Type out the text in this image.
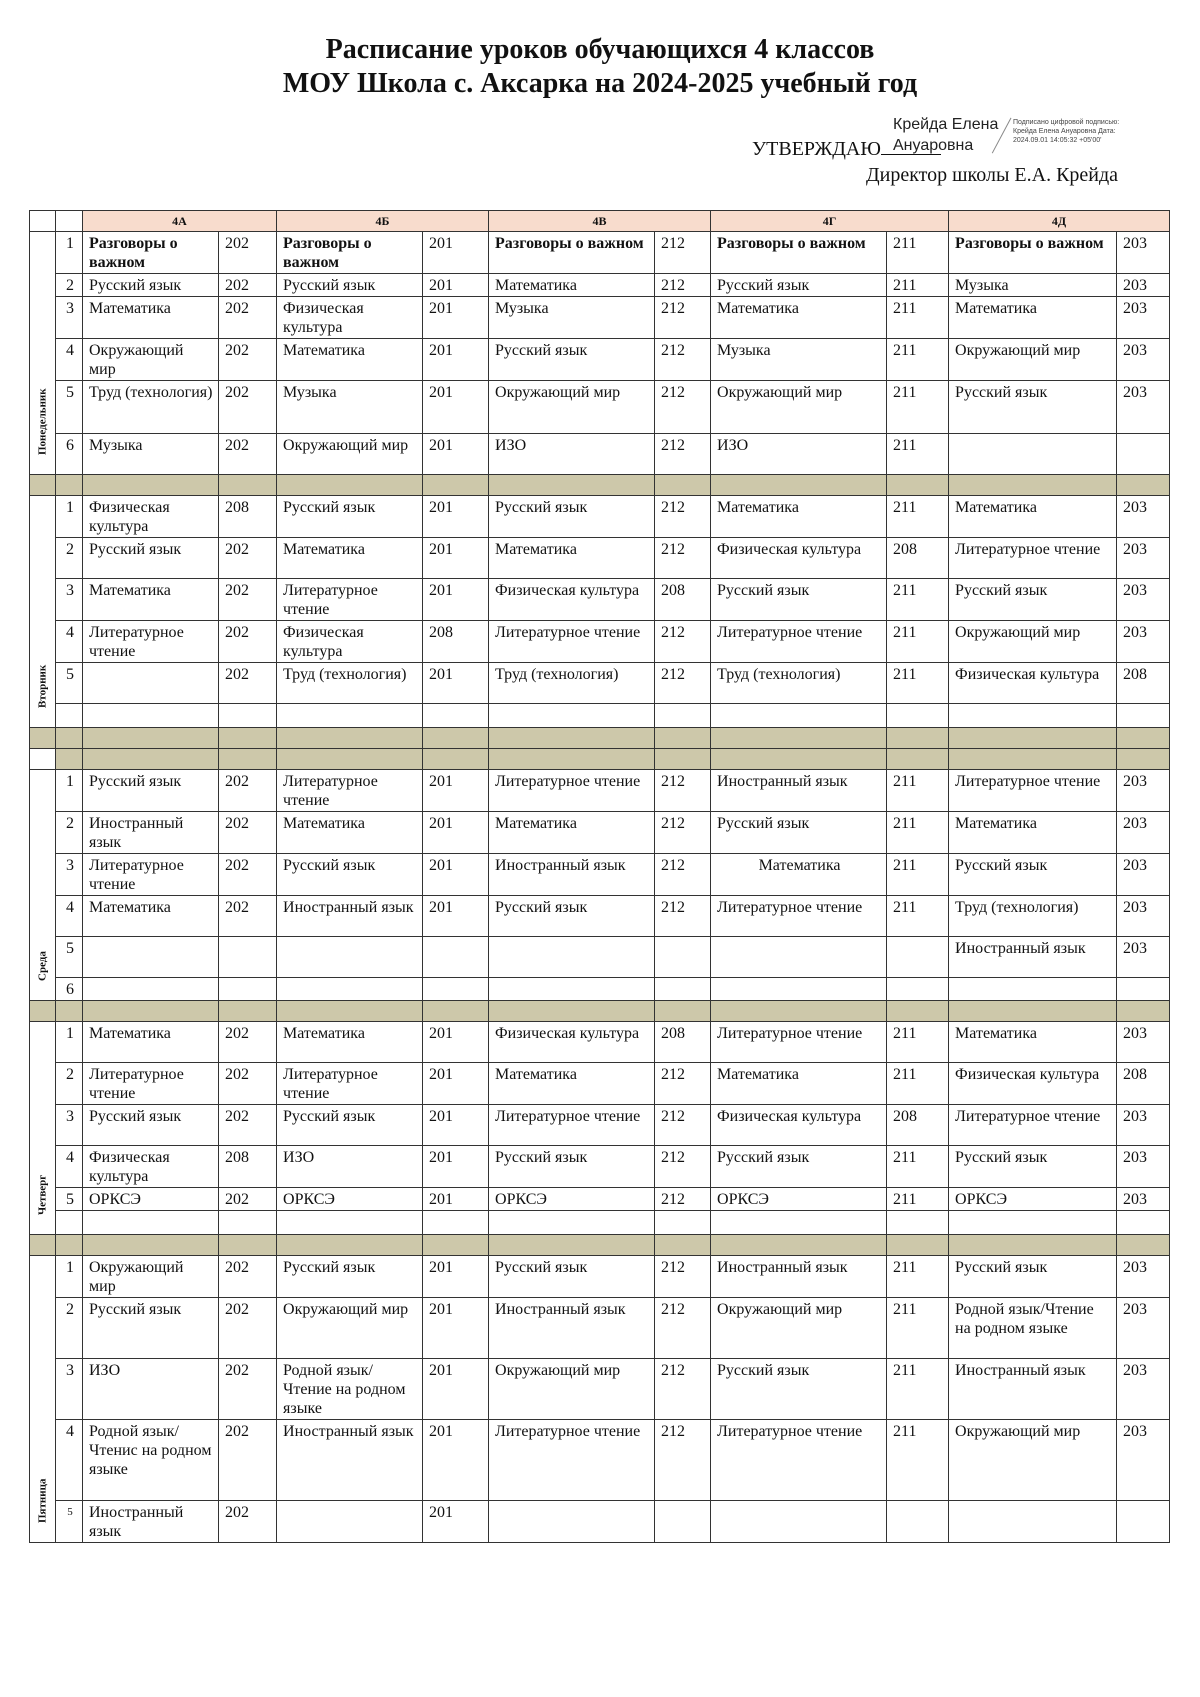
Расписание уроков обучающихся 4 классов
МОУ Школа с. Аксарка на 2024-2025 учебный год
Крейда Елена Ануаровна
Подписано цифровой подписью: Крейда Елена Ануаровна Дата: 2024.09.01 14:05:32 +05'00'
УТВЕРЖДАЮ
Директор школы Е.А. Крейда
		4А		4Б		4В		4Г		4Д	

Понедельник	1	Разговоры о важном	202	Разговоры о важном	201	Разговоры о важном	212	Разговоры о важном	211	Разговоры о важном	203
	2	Русский язык	202	Русский язык	201	Математика	212	Русский язык	211	Музыка	203
	3	Математика	202	Физическая культура	201	Музыка	212	Математика	211	Математика	203
	4	Окружающий мир	202	Математика	201	Русский язык	212	Музыка	211	Окружающий мир	203
	5	Труд (технология)	202	Музыка	201	Окружающий мир	212	Окружающий мир	211	Русский язык	203
	6	Музыка	202	Окружающий мир	201	ИЗО	212	ИЗО	211		

Вторник	1	Физическая культура	208	Русский язык	201	Русский язык	212	Математика	211	Математика	203
	2	Русский язык	202	Математика	201	Математика	212	Физическая культура	208	Литературное чтение	203
	3	Математика	202	Литературное чтение	201	Физическая культура	208	Русский язык	211	Русский язык	203
	4	Литературное чтение	202	Физическая культура	208	Литературное чтение	212	Литературное чтение	211	Окружающий мир	203
	5		202	Труд (технология)	201	Труд (технология)	212	Труд (технология)	211	Физическая культура	208

Среда	1	Русский язык	202	Литературное чтение	201	Литературное чтение	212	Иностранный язык	211	Литературное чтение	203
	2	Иностранный язык	202	Математика	201	Математика	212	Русский язык	211	Математика	203
	3	Литературное чтение	202	Русский язык	201	Иностранный язык	212	Математика	211	Русский язык	203
	4	Математика	202	Иностранный язык	201	Русский язык	212	Литературное чтение	211	Труд (технология)	203
	5									Иностранный язык	203
	6										

Четверг	1	Математика	202	Математика	201	Физическая культура	208	Литературное чтение	211	Математика	203
	2	Литературное чтение	202	Литературное чтение	201	Математика	212	Математика	211	Физическая культура	208
	3	Русский язык	202	Русский язык	201	Литературное чтение	212	Физическая культура	208	Литературное чтение	203
	4	Физическая культура	208	ИЗО	201	Русский язык	212	Русский язык	211	Русский язык	203
	5	ОРКСЭ	202	ОРКСЭ	201	ОРКСЭ	212	ОРКСЭ	211	ОРКСЭ	203

Пятница	1	Окружающий мир	202	Русский язык	201	Русский язык	212	Иностранный язык	211	Русский язык	203
	2	Русский язык	202	Окружающий мир	201	Иностранный язык	212	Окружающий мир	211	Родной язык/Чтение на родном языке	203
	3	ИЗО	202	Родной язык/Чтение на родном языке	201	Окружающий мир	212	Русский язык	211	Иностранный язык	203
	4	Родной язык/Чтенис на родном языке	202	Иностранный язык	201	Литературное чтение	212	Литературное чтение	211	Окружающий мир	203
	5	Иностранный язык	202		201						
